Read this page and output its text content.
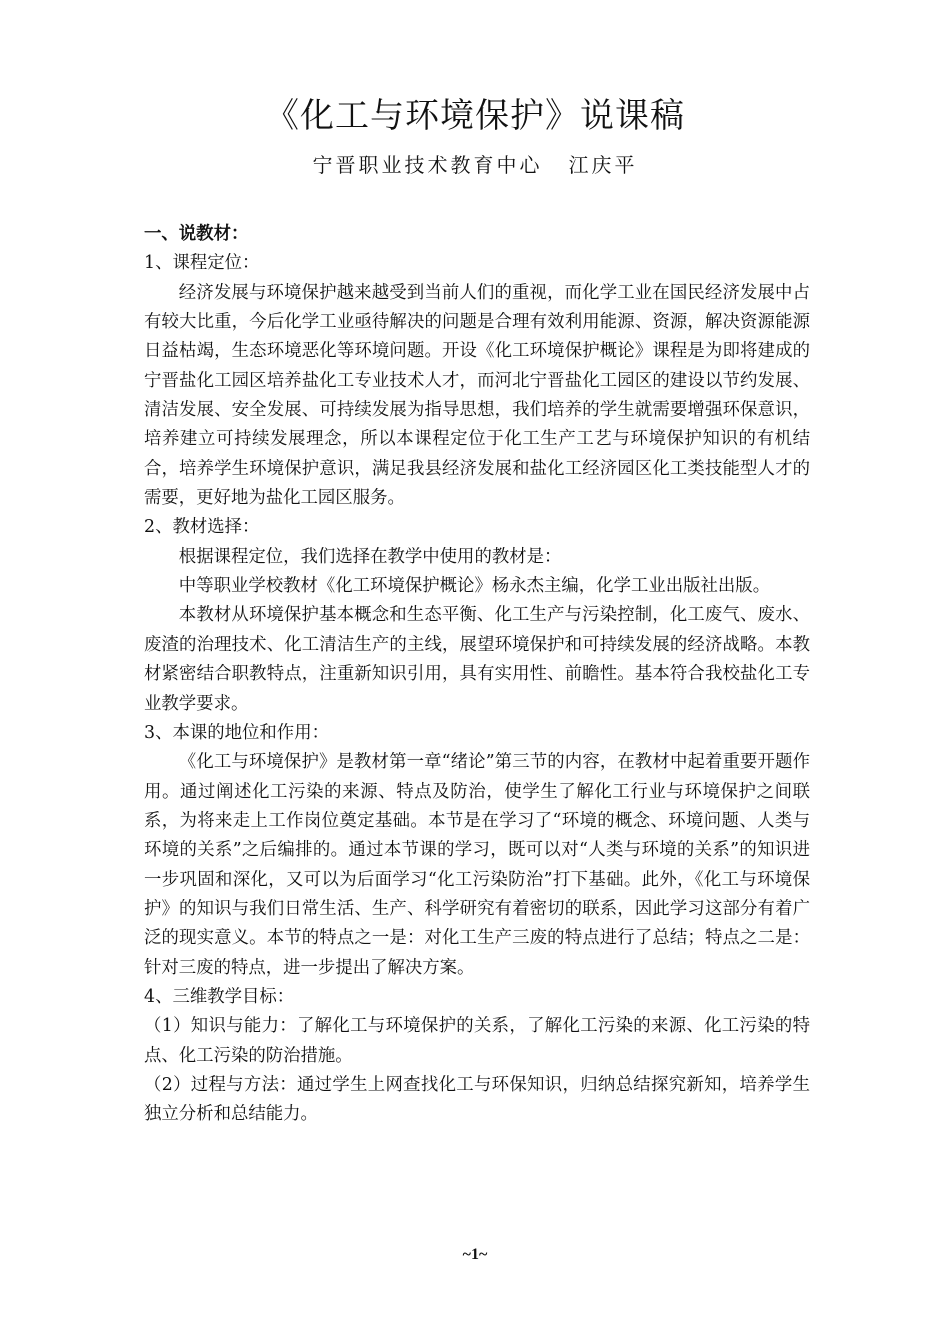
《化工与环境保护》说课稿
宁晋职业技术教育中心 江庆平

一、说教材：

1、课程定位：

经济发展与环境保护越来越受到当前人们的重视，而化学工业在国民经济发展中占有较大比重，今后化学工业亟待解决的问题是合理有效利用能源、资源，解决资源能源日益枯竭，生态环境恶化等环境问题。开设《化工环境保护概论》课程是为即将建成的宁晋盐化工园区培养盐化工专业技术人才，而河北宁晋盐化工园区的建设以节约发展、清洁发展、安全发展、可持续发展为指导思想，我们培养的学生就需要增强环保意识，培养建立可持续发展理念，所以本课程定位于化工生产工艺与环境保护知识的有机结合，培养学生环境保护意识，满足我县经济发展和盐化工经济园区化工类技能型人才的需要，更好地为盐化工园区服务。

2、教材选择：

根据课程定位，我们选择在教学中使用的教材是：

中等职业学校教材《化工环境保护概论》杨永杰主编，化学工业出版社出版。

本教材从环境保护基本概念和生态平衡、化工生产与污染控制，化工废气、废水、废渣的治理技术、化工清洁生产的主线，展望环境保护和可持续发展的经济战略。本教材紧密结合职教特点，注重新知识引用，具有实用性、前瞻性。基本符合我校盐化工专业教学要求。

3、本课的地位和作用：

《化工与环境保护》是教材第一章“绪论”第三节的内容，在教材中起着重要开题作用。通过阐述化工污染的来源、特点及防治，使学生了解化工行业与环境保护之间联系，为将来走上工作岗位奠定基础。本节是在学习了“环境的概念、环境问题、人类与环境的关系”之后编排的。通过本节课的学习，既可以对“人类与环境的关系”的知识进一步巩固和深化，又可以为后面学习“化工污染防治”打下基础。此外，《化工与环境保护》的知识与我们日常生活、生产、科学研究有着密切的联系，因此学习这部分有着广泛的现实意义。本节的特点之一是：对化工生产三废的特点进行了总结；特点之二是：针对三废的特点，进一步提出了解决方案。

4、三维教学目标：

（1）知识与能力：了解化工与环境保护的关系，了解化工污染的来源、化工污染的特点、化工污染的防治措施。

（2）过程与方法：通过学生上网查找化工与环保知识，归纳总结探究新知，培养学生独立分析和总结能力。

~1~
